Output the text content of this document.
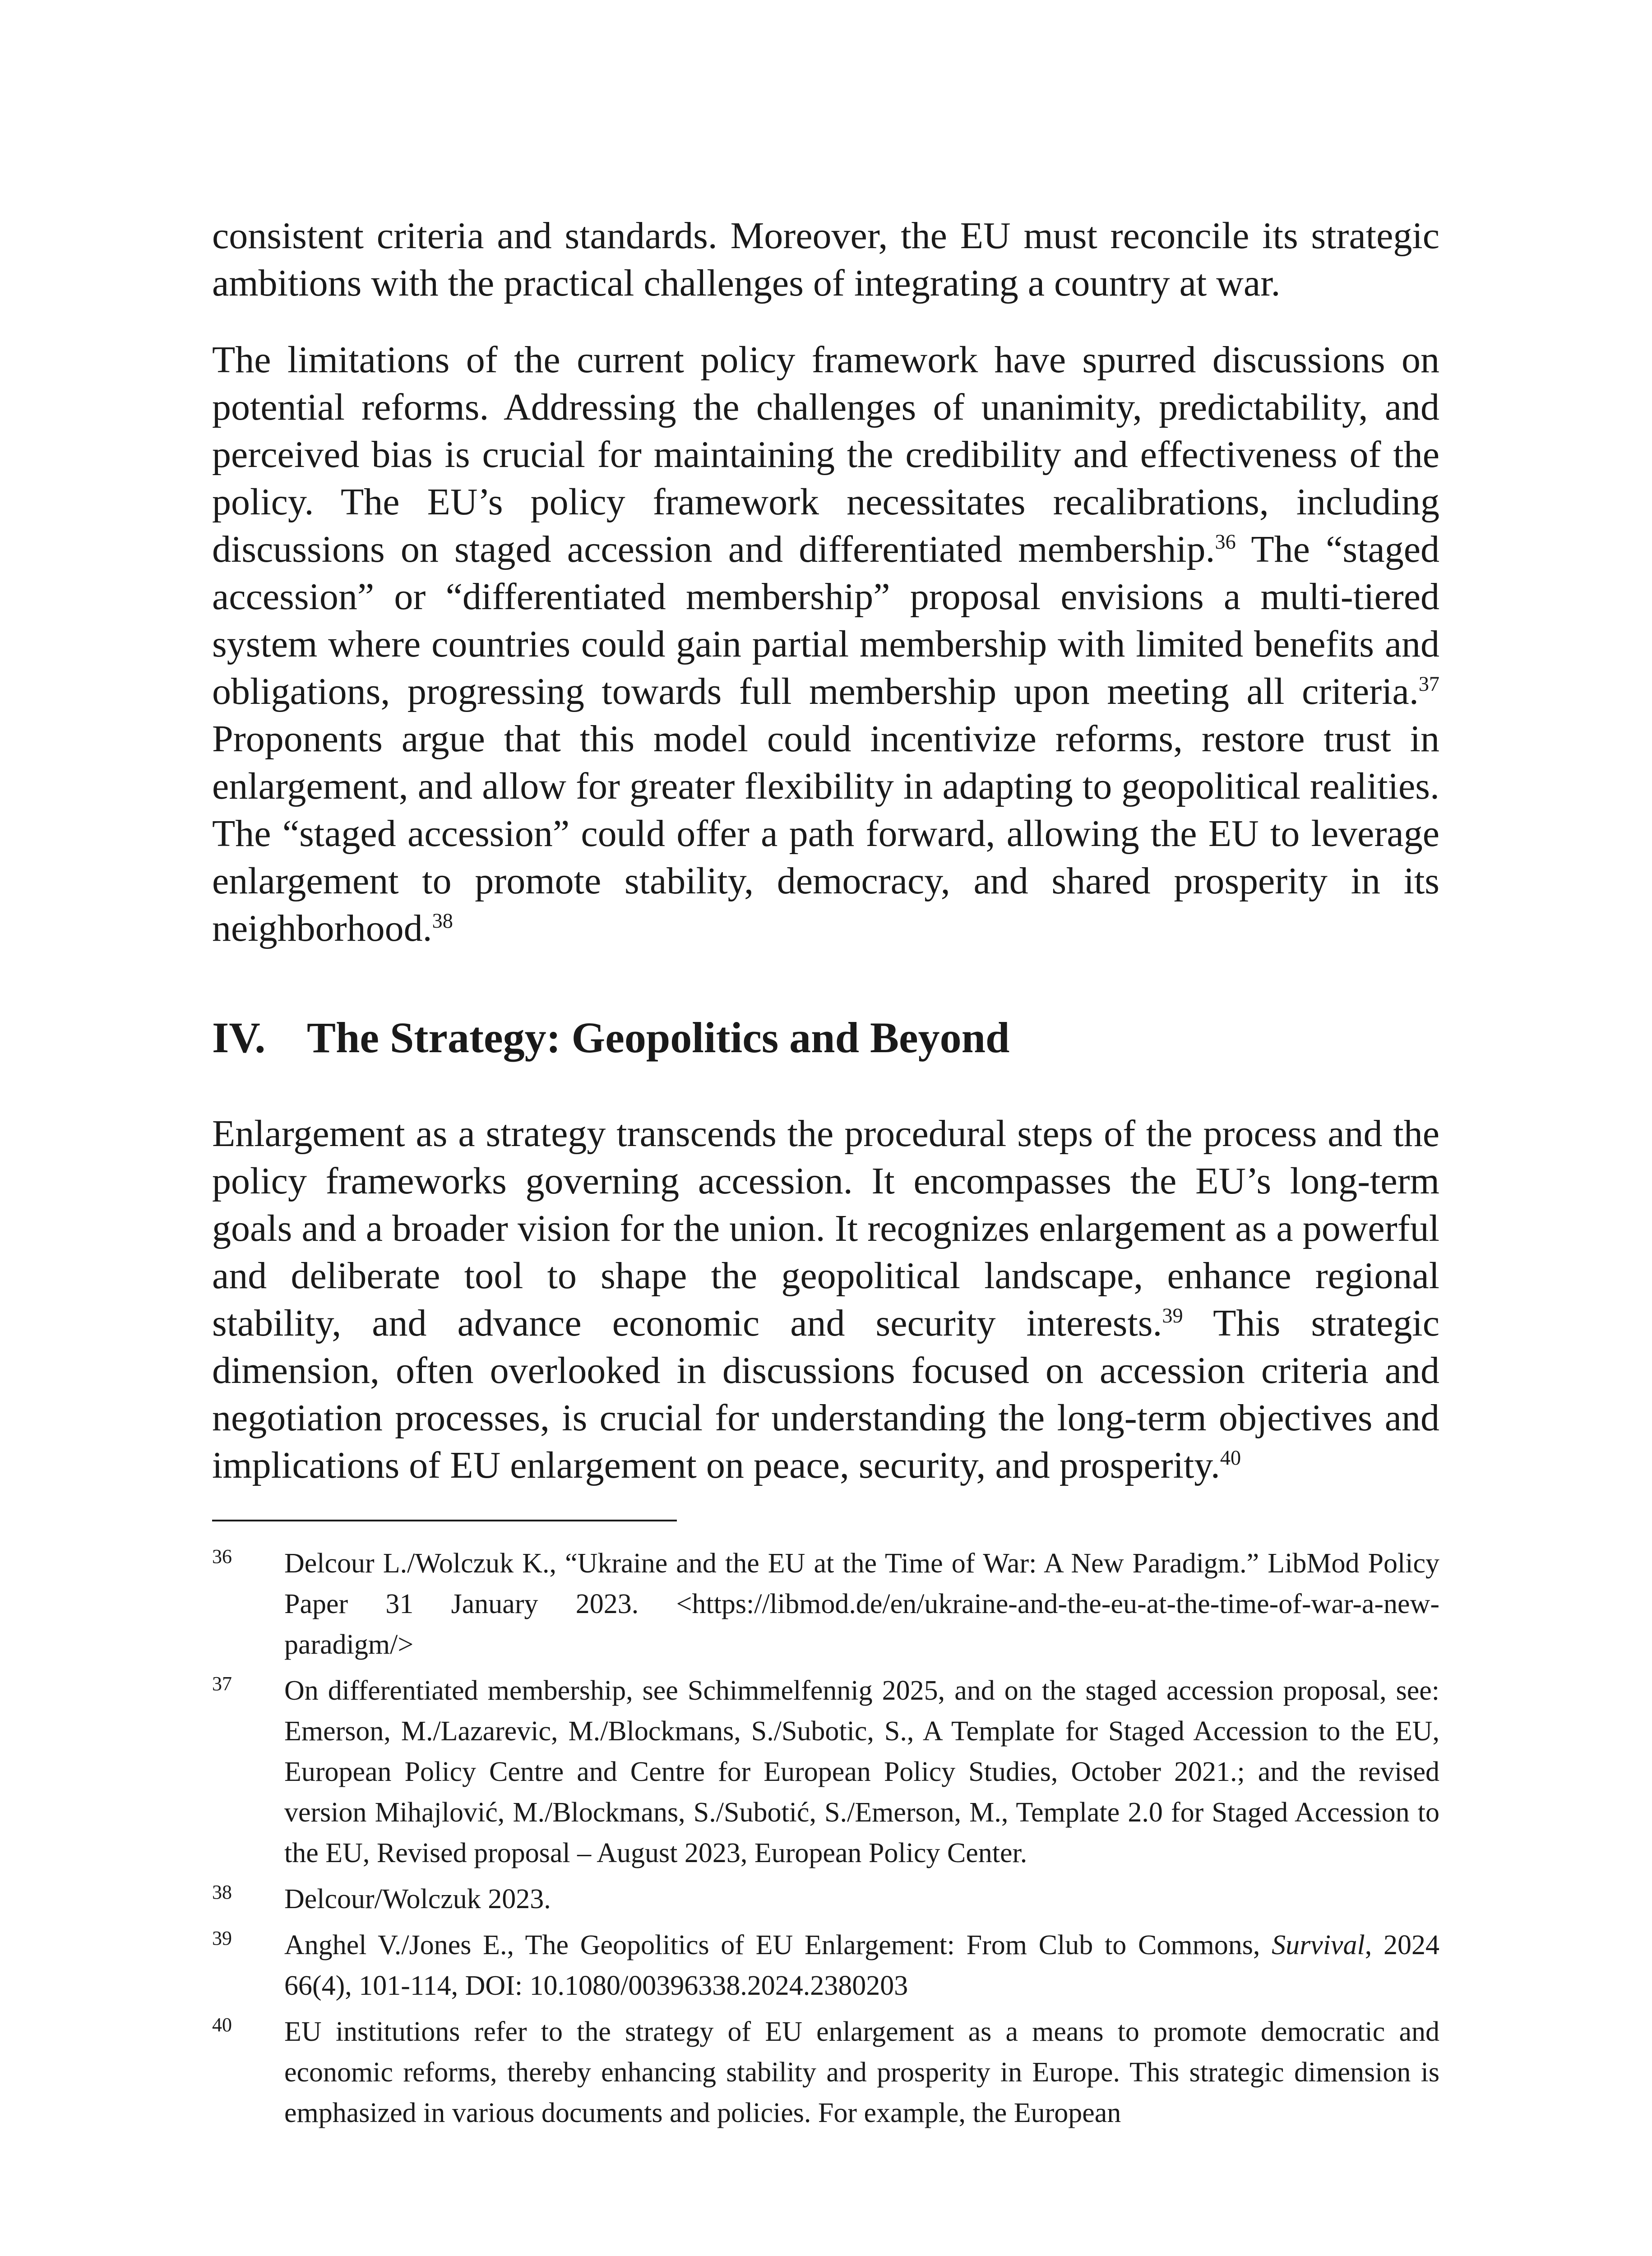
consistent criteria and standards. Moreover, the EU must reconcile its strategic ambitions with the practical challenges of integrating a country at war.

The limitations of the current policy framework have spurred discussions on potential reforms. Addressing the challenges of unanimity, predictability, and perceived bias is crucial for maintaining the credibility and effectiveness of the policy. The EU’s policy framework necessitates recalibrations, including discussions on staged accession and differentiated membership.$^{36}$ The “staged accession” or “differentiated membership” proposal envisions a multi-tiered system where countries could gain partial membership with limited benefits and obligations, progressing towards full membership upon meeting all criteria.$^{37}$ Proponents argue that this model could incentivize reforms, restore trust in enlargement, and allow for greater flexibility in adapting to geopolitical realities. The “staged accession” could offer a path forward, allowing the EU to leverage enlargement to promote stability, democracy, and shared prosperity in its neighborhood.$^{38}$

IV. The Strategy: Geopolitics and Beyond

Enlargement as a strategy transcends the procedural steps of the process and the policy frameworks governing accession. It encompasses the EU’s long-term goals and a broader vision for the union. It recognizes enlargement as a powerful and deliberate tool to shape the geopolitical landscape, enhance regional stability, and advance economic and security interests.$^{39}$ This strategic dimension, often overlooked in discussions focused on accession criteria and negotiation processes, is crucial for understanding the long-term objectives and implications of EU enlargement on peace, security, and prosperity.$^{40}$

36	Delcour L./Wolczuk K., “Ukraine and the EU at the Time of War: A New Paradigm.” LibMod Policy Paper 31 January 2023. <https://libmod.de/en/ukraine-and-the-eu-at-the-time-of-war-a-new-paradigm/>
37	On differentiated membership, see Schimmelfennig 2025, and on the staged accession proposal, see: Emerson, M./Lazarevic, M./Blockmans, S./Subotic, S., A Template for Staged Accession to the EU, European Policy Centre and Centre for European Policy Studies, October 2021.; and the revised version Mihajlović, M./Blockmans, S./Subotić, S./Emerson, M., Template 2.0 for Staged Accession to the EU, Revised proposal – August 2023, European Policy Center.
38	Delcour/Wolczuk 2023.
39	Anghel V./Jones E., The Geopolitics of EU Enlargement: From Club to Commons, Survival, 2024 66(4), 101-114, DOI: 10.1080/00396338.2024.2380203
40	EU institutions refer to the strategy of EU enlargement as a means to promote democratic and economic reforms, thereby enhancing stability and prosperity in Europe. This strategic dimension is emphasized in various documents and policies. For example, the European
